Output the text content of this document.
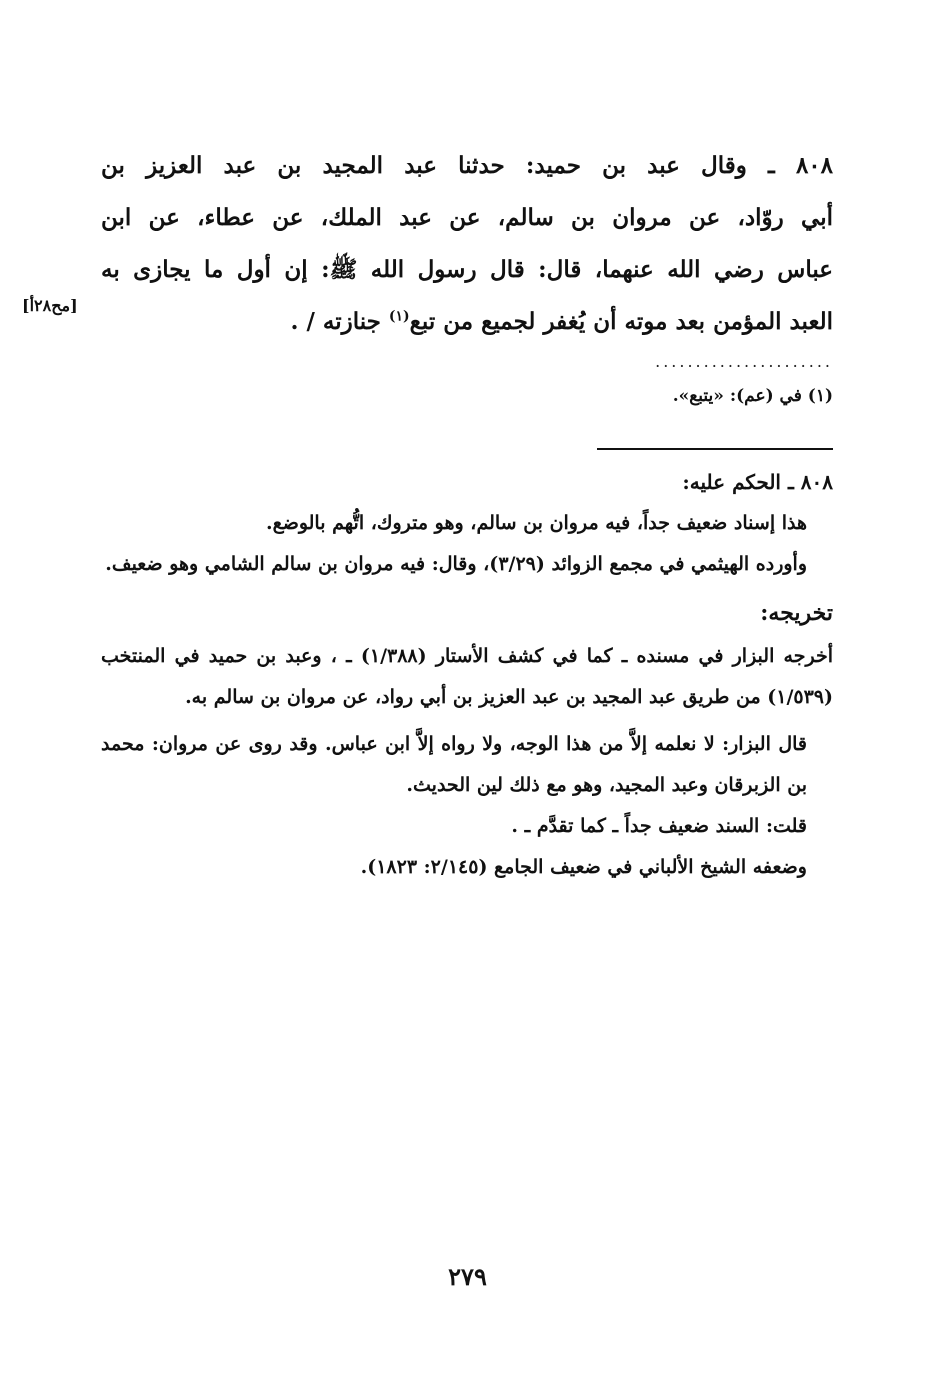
٨٠٨ ـ وقال عبد بن حميد: حدثنا عبد المجيد بن عبد العزيز بن

أبي روّاد، عن مروان بن سالم، عن عبد الملك، عن عطاء، عن ابن

عباس رضي الله عنهما، قال: قال رسول الله ﷺ: إن أول ما يجازى به

العبد المؤمن بعد موته أن يُغفر لجميع من تبع$^{(١)}$ جنازته / .

[مح٢٨أ]
......................
(١) في (عم): «يتبع».

٨٠٨ ـ الحكم عليه:

هذا إسناد ضعيف جداً، فيه مروان بن سالم، وهو متروك، اتُّهم بالوضع.

وأورده الهيثمي في مجمع الزوائد (٣/٢٩)، وقال: فيه مروان بن سالم الشامي وهو ضعيف.

تخريجه:

أخرجه البزار في مسنده ـ كما في كشف الأستار (١/٣٨٨) ـ ، وعبد بن حميد في المنتخب (١/٥٣٩) من طريق عبد المجيد بن عبد العزيز بن أبي رواد، عن مروان بن سالم به.

قال البزار: لا نعلمه إلاَّ من هذا الوجه، ولا رواه إلاَّ ابن عباس. وقد روى عن مروان: محمد بن الزبرقان وعبد المجيد، وهو مع ذلك لين الحديث.

قلت: السند ضعيف جداً ـ كما تقدَّم ـ .

وضعفه الشيخ الألباني في ضعيف الجامع (٢/١٤٥: ١٨٢٣).

٢٧٩
